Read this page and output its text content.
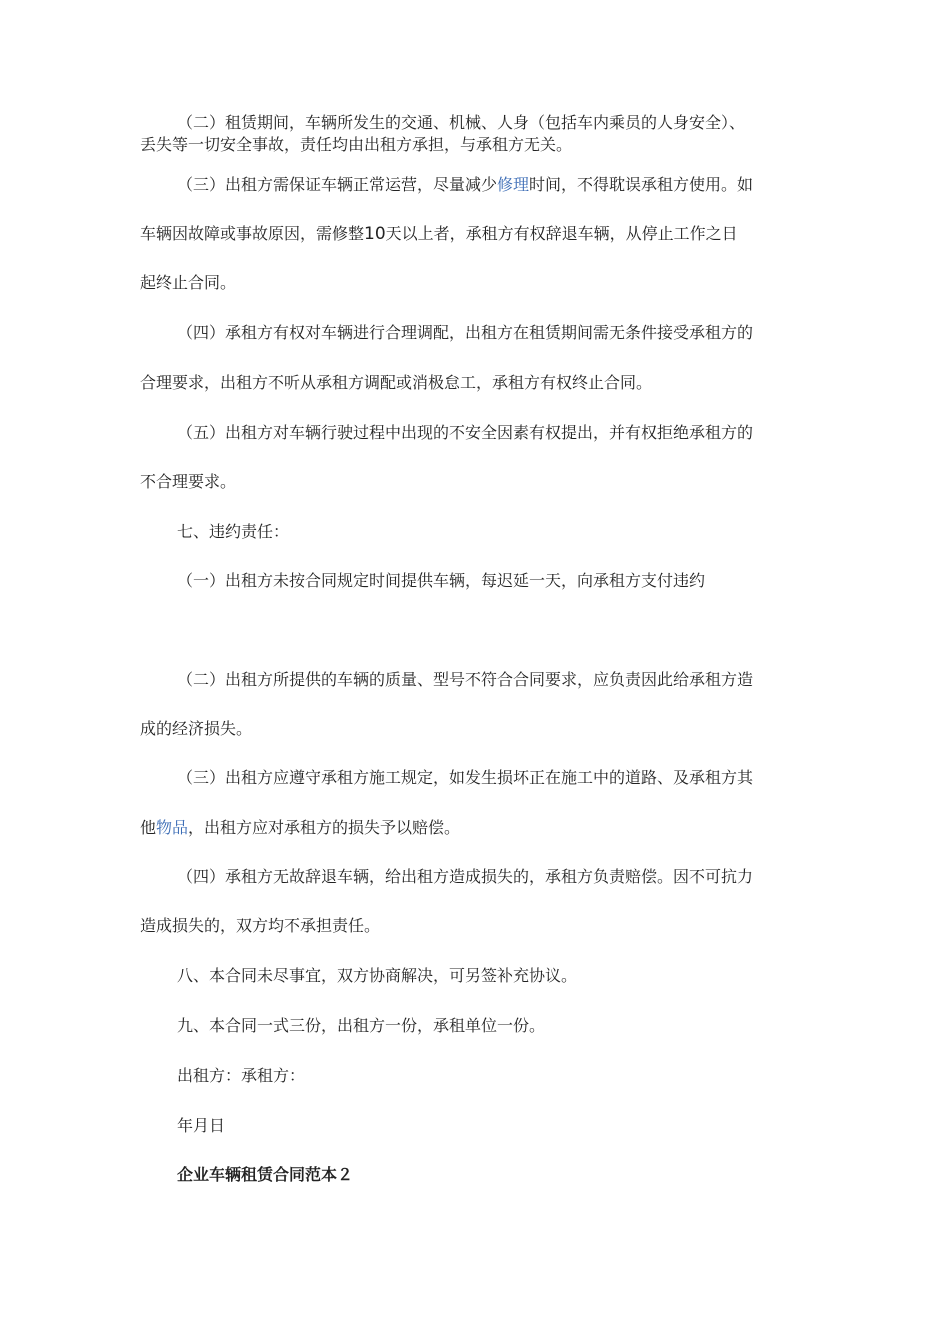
（二）租赁期间，车辆所发生的交通、机械、人身（包括车内乘员的人身安全）、
丢失等一切安全事故，责任均由出租方承担，与承租方无关。
（三）出租方需保证车辆正常运营，尽量减少修理时间，不得耽误承租方使用。如
车辆因故障或事故原因，需修整10天以上者，承租方有权辞退车辆，从停止工作之日
起终止合同。
（四）承租方有权对车辆进行合理调配，出租方在租赁期间需无条件接受承租方的
合理要求，出租方不听从承租方调配或消极怠工，承租方有权终止合同。
（五）出租方对车辆行驶过程中出现的不安全因素有权提出，并有权拒绝承租方的
不合理要求。
七、违约责任：
（一）出租方未按合同规定时间提供车辆，每迟延一天，向承租方支付违约
（二）出租方所提供的车辆的质量、型号不符合合同要求，应负责因此给承租方造
成的经济损失。
（三）出租方应遵守承租方施工规定，如发生损坏正在施工中的道路、及承租方其
他物品，出租方应对承租方的损失予以赔偿。
（四）承租方无故辞退车辆，给出租方造成损失的，承租方负责赔偿。因不可抗力
造成损失的，双方均不承担责任。
八、本合同未尽事宜，双方协商解决，可另签补充协议。
九、本合同一式三份，出租方一份，承租单位一份。
出租方：承租方：
年月日
企业车辆租赁合同范本２
